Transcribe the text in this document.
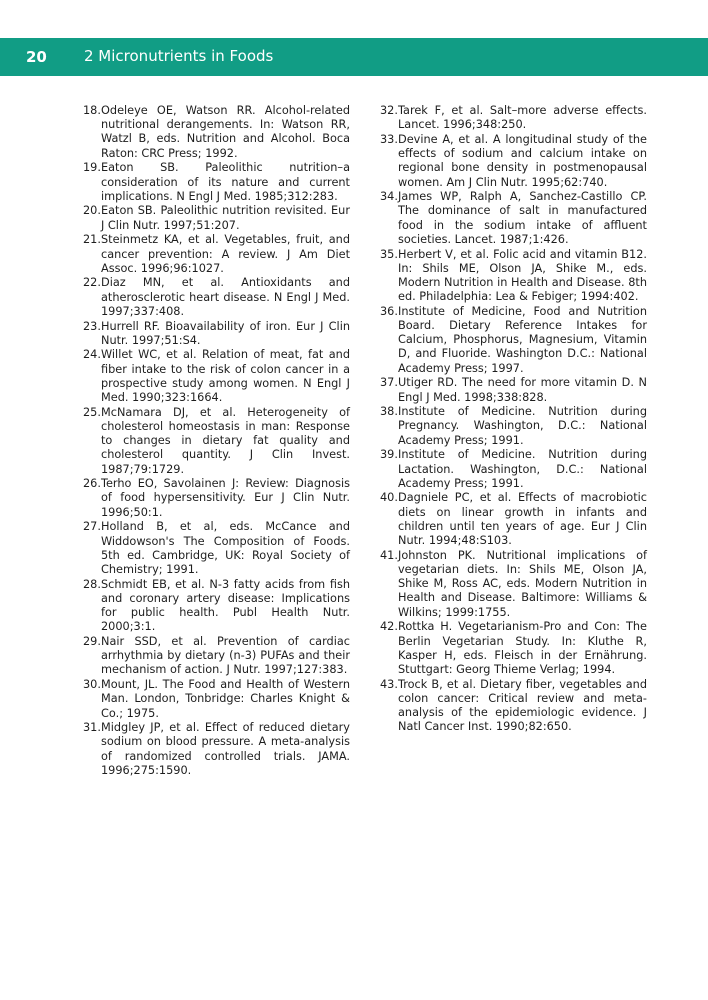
20 2 Micronutrients in Foods
18. Odeleye OE, Watson RR. Alcohol-related nutritional derangements. In: Watson RR, Watzl B, eds. Nutrition and Alcohol. Boca Raton: CRC Press; 1992.
19. Eaton SB. Paleolithic nutrition–a consideration of its nature and current implications. N Engl J Med. 1985;312:283.
20. Eaton SB. Paleolithic nutrition revisited. Eur J Clin Nutr. 1997;51:207.
21. Steinmetz KA, et al. Vegetables, fruit, and cancer prevention: A review. J Am Diet Assoc. 1996;96:1027.
22. Diaz MN, et al. Antioxidants and atherosclerotic heart disease. N Engl J Med. 1997;337:408.
23. Hurrell RF. Bioavailability of iron. Eur J Clin Nutr. 1997;51:S4.
24. Willet WC, et al. Relation of meat, fat and fiber intake to the risk of colon cancer in a prospective study among women. N Engl J Med. 1990;323:1664.
25. McNamara DJ, et al. Heterogeneity of cholesterol homeostasis in man: Response to changes in dietary fat quality and cholesterol quantity. J Clin Invest. 1987;79:1729.
26. Terho EO, Savolainen J: Review: Diagnosis of food hypersensitivity. Eur J Clin Nutr. 1996;50:1.
27. Holland B, et al, eds. McCance and Widdowson's The Composition of Foods. 5th ed. Cambridge, UK: Royal Society of Chemistry; 1991.
28. Schmidt EB, et al. N-3 fatty acids from fish and coronary artery disease: Implications for public health. Publ Health Nutr. 2000;3:1.
29. Nair SSD, et al. Prevention of cardiac arrhythmia by dietary (n-3) PUFAs and their mechanism of action. J Nutr. 1997;127:383.
30. Mount, JL. The Food and Health of Western Man. London, Tonbridge: Charles Knight & Co.; 1975.
31. Midgley JP, et al. Effect of reduced dietary sodium on blood pressure. A meta-analysis of randomized controlled trials. JAMA. 1996;275:1590.
32. Tarek F, et al. Salt–more adverse effects. Lancet. 1996;348:250.
33. Devine A, et al. A longitudinal study of the effects of sodium and calcium intake on regional bone density in postmenopausal women. Am J Clin Nutr. 1995;62:740.
34. James WP, Ralph A, Sanchez-Castillo CP. The dominance of salt in manufactured food in the sodium intake of affluent societies. Lancet. 1987;1:426.
35. Herbert V, et al. Folic acid and vitamin B12. In: Shils ME, Olson JA, Shike M., eds. Modern Nutrition in Health and Disease. 8th ed. Philadelphia: Lea & Febiger; 1994:402.
36. Institute of Medicine, Food and Nutrition Board. Dietary Reference Intakes for Calcium, Phosphorus, Magnesium, Vitamin D, and Fluoride. Washington D.C.: National Academy Press; 1997.
37. Utiger RD. The need for more vitamin D. N Engl J Med. 1998;338:828.
38. Institute of Medicine. Nutrition during Pregnancy. Washington, D.C.: National Academy Press; 1991.
39. Institute of Medicine. Nutrition during Lactation. Washington, D.C.: National Academy Press; 1991.
40. Dagniele PC, et al. Effects of macrobiotic diets on linear growth in infants and children until ten years of age. Eur J Clin Nutr. 1994;48:S103.
41. Johnston PK. Nutritional implications of vegetarian diets. In: Shils ME, Olson JA, Shike M, Ross AC, eds. Modern Nutrition in Health and Disease. Baltimore: Williams & Wilkins; 1999:1755.
42. Rottka H. Vegetarianism-Pro and Con: The Berlin Vegetarian Study. In: Kluthe R, Kasper H, eds. Fleisch in der Ernährung. Stuttgart: Georg Thieme Verlag; 1994.
43. Trock B, et al. Dietary fiber, vegetables and colon cancer: Critical review and meta-analysis of the epidemiologic evidence. J Natl Cancer Inst. 1990;82:650.
